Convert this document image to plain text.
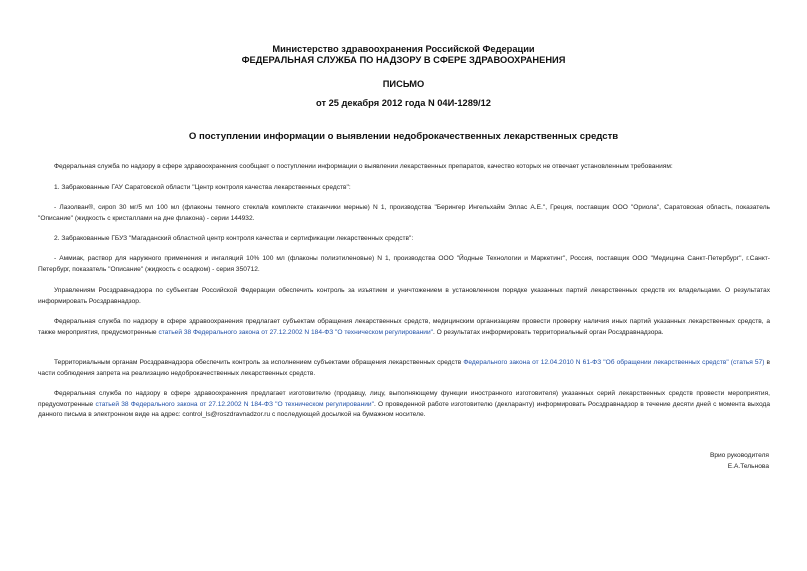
Министерство здравоохранения Российской Федерации
ФЕДЕРАЛЬНАЯ СЛУЖБА ПО НАДЗОРУ В СФЕРЕ ЗДРАВООХРАНЕНИЯ
ПИСЬМО
от 25 декабря 2012 года N 04И-1289/12
О поступлении информации о выявлении недоброкачественных лекарственных средств
Федеральная служба по надзору в сфере здравоохранения сообщает о поступлении информации о выявлении лекарственных препаратов, качество которых не отвечает установленным требованиям:
1. Забракованные ГАУ Саратовской области "Центр контроля качества лекарственных средств":
- Лазолван®, сироп 30 мг/5 мл 100 мл (флаконы темного стекла/в комплекте стаканчики мерные) N 1, производства "Берингер Ингельхайм Эллас А.Е.", Греция, поставщик ООО "Ориола", Саратовская область, показатель "Описание" (жидкость с кристаллами на дне флакона) - серии 144932.
2. Забракованные ГБУЗ "Магаданский областной центр контроля качества и сертификации лекарственных средств":
- Аммиак, раствор для наружного применения и ингаляций 10% 100 мл (флаконы полиэтиленовые) N 1, производства ООО "Йодные Технологии и Маркетинг", Россия, поставщик ООО "Медицина Санкт-Петербург", г.Санкт-Петербург, показатель "Описание" (жидкость с осадком) - серия 350712.
Управлениям Росздравнадзора по субъектам Российской Федерации обеспечить контроль за изъятием и уничтожением в установленном порядке указанных партий лекарственных средств их владельцами. О результатах информировать Росздравнадзор.
Федеральная служба по надзору в сфере здравоохранения предлагает субъектам обращения лекарственных средств, медицинским организациям провести проверку наличия иных партий указанных лекарственных средств, а также мероприятия, предусмотренные статьей 38 Федерального закона от 27.12.2002 N 184-ФЗ "О техническом регулировании". О результатах информировать территориальный орган Росздравнадзора.
Территориальным органам Росздравнадзора обеспечить контроль за исполнением субъектами обращения лекарственных средств Федерального закона от 12.04.2010 N 61-ФЗ "Об обращении лекарственных средств" (статья 57) в части соблюдения запрета на реализацию недоброкачественных лекарственных средств.
Федеральная служба по надзору в сфере здравоохранения предлагает изготовителю (продавцу, лицу, выполняющему функции иностранного изготовителя) указанных серий лекарственных средств провести мероприятия, предусмотренные статьей 38 Федерального закона от 27.12.2002 N 184-ФЗ "О техническом регулировании". О проведенной работе изготовителю (декларанту) информировать Росздравнадзор в течение десяти дней с момента выхода данного письма в электронном виде на адрес: control_ls@roszdravnadzor.ru с последующей досылкой на бумажном носителе.
Врио руководителя
Е.А.Тельнова
